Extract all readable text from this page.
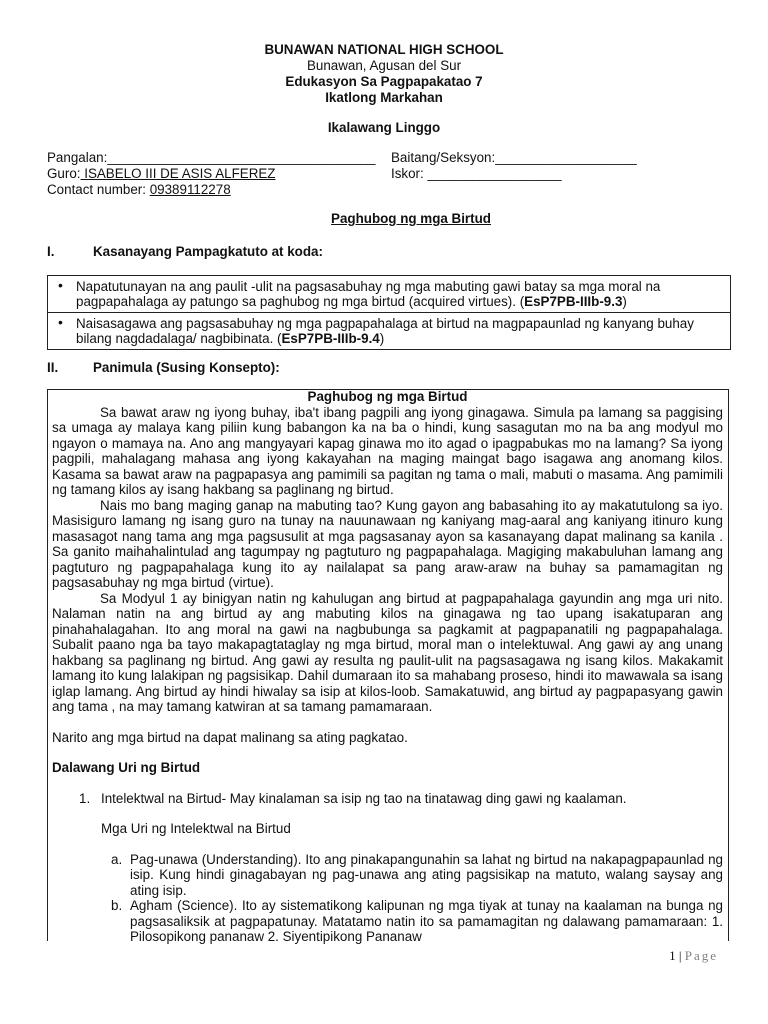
BUNAWAN NATIONAL HIGH SCHOOL
Bunawan, Agusan del Sur
Edukasyon Sa Pagpapakatao 7
Ikatlong Markahan
Ikalawang Linggo
Pangalan:____________________________________ Baitang/Seksyon:___________________
Guro: ISABELO III DE ASIS ALFEREZ	Iskor: __________________
Contact number: 09389112278
Paghubog ng mga Birtud
I.	Kasanayang Pampagkatuto at koda:
• Napatutunayan na ang paulit -ulit na pagsasabuhay ng mga mabuting gawi batay sa mga moral na pagpapahalaga ay patungo sa paghubog ng mga birtud (acquired virtues). (EsP7PB-IIIb-9.3)
• Naisasagawa ang pagsasabuhay ng mga pagpapahalaga at birtud na magpapaunlad ng kanyang buhay bilang nagdadalaga/ nagbibinata. (EsP7PB-IIIb-9.4)
II.	Panimula (Susing Konsepto):
Paghubog ng mga Birtud

Sa bawat araw ng iyong buhay, iba't ibang pagpili ang iyong ginagawa. Simula pa lamang sa paggising sa umaga ay malaya kang piliin kung babangon ka na ba o hindi, kung sasagutan mo na ba ang modyul mo ngayon o mamaya na. Ano ang mangyayari kapag ginawa mo ito agad o ipagpabukas mo na lamang? Sa iyong pagpili, mahalagang mahasa ang iyong kakayahan na maging maingat bago isagawa ang anomang kilos. Kasama sa bawat araw na pagpapasya ang pamimili sa pagitan ng tama o mali, mabuti o masama. Ang pamimili ng tamang kilos ay isang hakbang sa paglinang ng birtud.

Nais mo bang maging ganap na mabuting tao? Kung gayon ang babasahing ito ay makatutulong sa iyo. Masisiguro lamang ng isang guro na tunay na nauunawaan ng kaniyang mag-aaral ang kaniyang itinuro kung masasagot nang tama ang mga pagsusulit at mga pagsasanay ayon sa kasanayang dapat malinang sa kanila . Sa ganito maihahalintulad ang tagumpay ng pagtuturo ng pagpapahalaga. Magiging makabuluhan lamang ang pagtuturo ng pagpapahalaga kung ito ay nailalapat sa pang araw-araw na buhay sa pamamagitan ng pagsasabuhay ng mga birtud (virtue).

Sa Modyul 1 ay binigyan natin ng kahulugan ang birtud at pagpapahalaga gayundin ang mga uri nito. Nalaman natin na ang birtud ay ang mabuting kilos na ginagawa ng tao upang isakatuparan ang pinahahalagahan. Ito ang moral na gawi na nagbubunga sa pagkamit at pagpapanatili ng pagpapahalaga. Subalit paano nga ba tayo makapagtataglay ng mga birtud, moral man o intelektuwal. Ang gawi ay ang unang hakbang sa paglinang ng birtud. Ang gawi ay resulta ng paulit-ulit na pagsasagawa ng isang kilos. Makakamit lamang ito kung lalakipan ng pagsisikap. Dahil dumaraan ito sa mahabang proseso, hindi ito mawawala sa isang iglap lamang. Ang birtud ay hindi hiwalay sa isip at kilos-loob. Samakatuwid, ang birtud ay pagpapasyang gawin ang tama , na may tamang katwiran at sa tamang pamamaraan.

Narito ang mga birtud na dapat malinang sa ating pagkatao.

Dalawang Uri ng Birtud

1. Intelektwal na Birtud- May kinalaman sa isip ng tao na tinatawag ding gawi ng kaalaman.
Mga Uri ng Intelektwal na Birtud
a. Pag-unawa (Understanding). Ito ang pinakapangunahin sa lahat ng birtud na nakapagpapaunlad ng isip. Kung hindi ginagabayan ng pag-unawa ang ating pagsisikap na matuto, walang saysay ang ating isip.
b. Agham (Science). Ito ay sistematikong kalipunan ng mga tiyak at tunay na kaalaman na bunga ng pagsasaliksik at pagpapatunay. Matatamo natin ito sa pamamagitan ng dalawang pamamaraan: 1. Pilosopikong pananaw 2. Siyentipikong Pananaw
1 | Page
